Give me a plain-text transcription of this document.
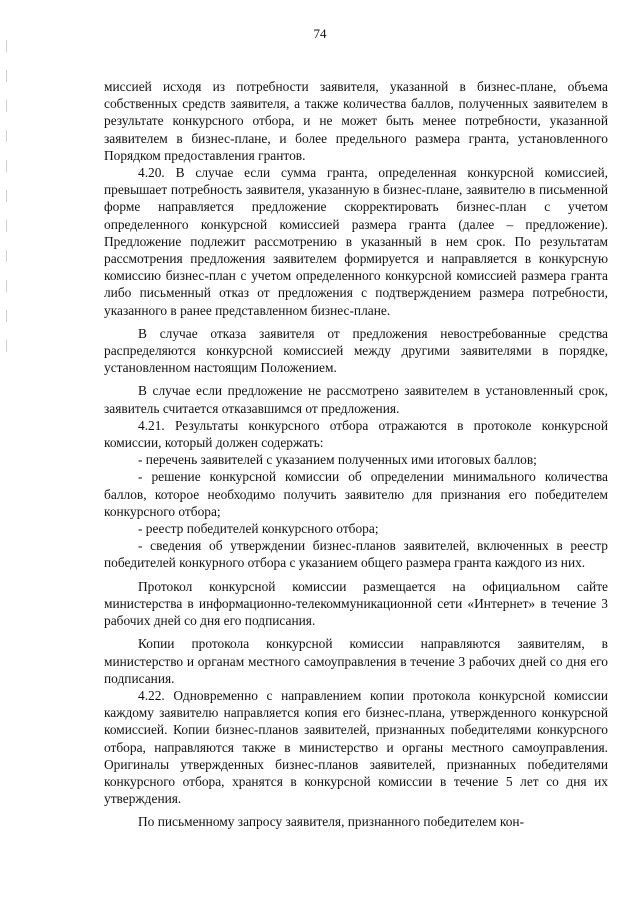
74

миссией исходя из потребности заявителя, указанной в бизнес-плане, объема собственных средств заявителя, а также количества баллов, полученных заявителем в результате конкурсного отбора, и не может быть менее потребности, указанной заявителем в бизнес-плане, и более предельного размера гранта, установленного Порядком предоставления грантов.

4.20. В случае если сумма гранта, определенная конкурсной комиссией, превышает потребность заявителя, указанную в бизнес-плане, заявителю в письменной форме направляется предложение скорректировать бизнес-план с учетом определенного конкурсной комиссией размера гранта (далее – предложение). Предложение подлежит рассмотрению в указанный в нем срок. По результатам рассмотрения предложения заявителем формируется и направляется в конкурсную комиссию бизнес-план с учетом определенного конкурсной комиссией размера гранта либо письменный отказ от предложения с подтверждением размера потребности, указанного в ранее представленном бизнес-плане.

В случае отказа заявителя от предложения невостребованные средства распределяются конкурсной комиссией между другими заявителями в порядке, установленном настоящим Положением.

В случае если предложение не рассмотрено заявителем в установленный срок, заявитель считается отказавшимся от предложения.

4.21. Результаты конкурсного отбора отражаются в протоколе конкурсной комиссии, который должен содержать:

- перечень заявителей с указанием полученных ими итоговых баллов;

- решение конкурсной комиссии об определении минимального количества баллов, которое необходимо получить заявителю для признания его победителем конкурсного отбора;

- реестр победителей конкурсного отбора;

- сведения об утверждении бизнес-планов заявителей, включенных в реестр победителей конкурного отбора с указанием общего размера гранта каждого из них.

Протокол конкурсной комиссии размещается на официальном сайте министерства в информационно-телекоммуникационной сети «Интернет» в течение 3 рабочих дней со дня его подписания.

Копии протокола конкурсной комиссии направляются заявителям, в министерство и органам местного самоуправления в течение 3 рабочих дней со дня его подписания.

4.22. Одновременно с направлением копии протокола конкурсной комиссии каждому заявителю направляется копия его бизнес-плана, утвержденного конкурсной комиссией. Копии бизнес-планов заявителей, признанных победителями конкурсного отбора, направляются также в министерство и органы местного самоуправления. Оригиналы утвержденных бизнес-планов заявителей, признанных победителями конкурсного отбора, хранятся в конкурсной комиссии в течение 5 лет со дня их утверждения.

По письменному запросу заявителя, признанного победителем кон-
